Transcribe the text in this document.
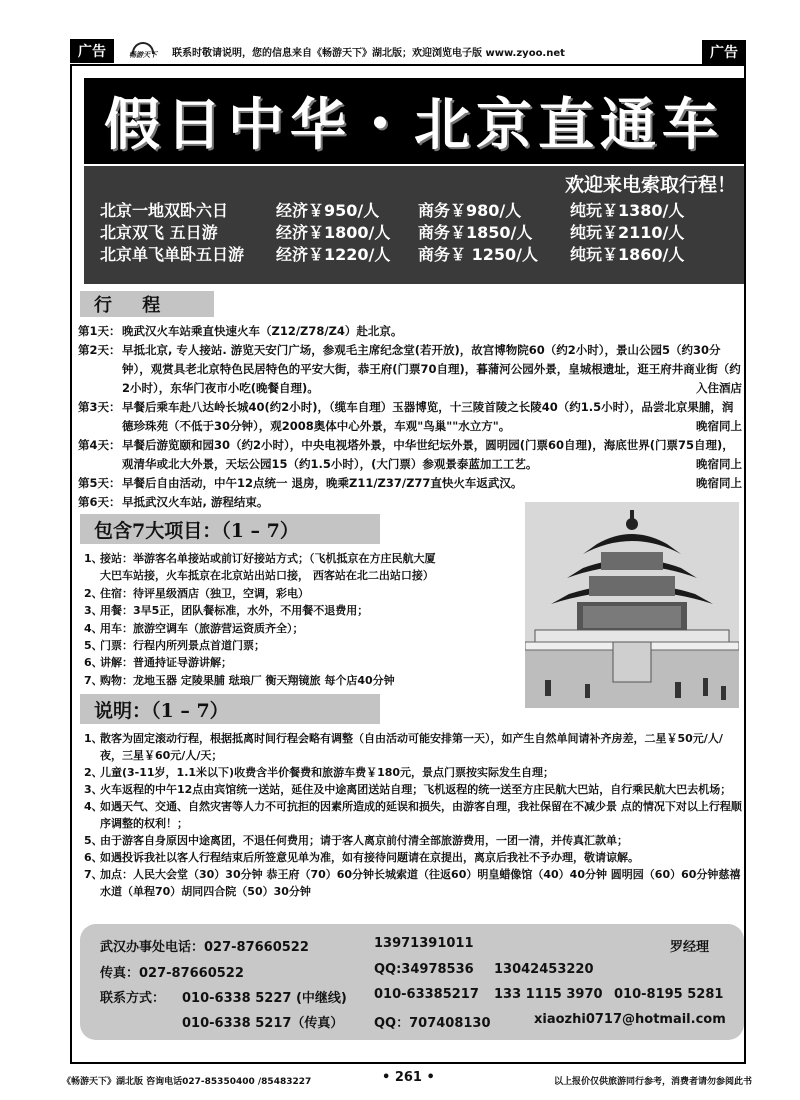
广告	畅游天下	联系时敬请说明，您的信息来自《畅游天下》湖北版；欢迎浏览电子版 www.zyoo.net	广告
假日中华・北京直通车
欢迎来电索取行程！
北京一地双卧六日	经济￥950/人 商务￥980/人	纯玩￥1380/人
北京双飞 五日游	经济￥1800/人 商务￥1850/人 纯玩￥2110/人
北京单飞单卧五日游 经济￥1220/人 商务￥ 1250/人 纯玩￥1860/人
行 程
第1天： 晚武汉火车站乘直快速火车（Z12/Z78/Z4）赴北京。
第2天： 早抵北京, 专人接站. 游览天安门广场，参观毛主席纪念堂(若开放)，故宫博物院60（约2小时），景山公园5（约30分钟），观赏具老北京特色民居特色的平安大街，恭王府(门票70自理)，暮蒲河公园外景，皇城根遗址，逛王府井商业街（约2小时），东华门夜市小吃(晚餐自理)。	入住酒店
第3天： 早餐后乘车赴八达岭长城40(约2小时)，（缆车自理）玉器博览，十三陵首陵之长陵40（约1.5小时），品尝北京果脯，润德珍珠苑（不低于30分钟），观2008奥体中心外景，车观"鸟巢""水立方"。	晚宿同上
第4天： 早餐后游览颐和园30（约2小时），中央电视塔外景，中华世纪坛外景，圆明园(门票60自理)，海底世界(门票75自理)，观清华或北大外景，天坛公园15（约1.5小时），(大门票）参观景泰蓝加工工艺。	晚宿同上
第5天： 早餐后自由活动，中午12点统一 退房，晚乘Z11/Z37/Z77直快火车返武汉。	晚宿同上
第6天： 早抵武汉火车站, 游程结束。
包含7大项目：（1 – 7）
1、
接站：举游客名单接站或前订好接站方式；（飞机抵京在方庄民航大厦
大巴车站接，火车抵京在北京站出站口接， 西客站在北二出站口接）
2、
住宿：待评星级酒店（独卫，空调，彩电）
3、
用餐：3早5正，团队餐标准，水外，不用餐不退费用；
4、
用车：旅游空调车（旅游营运资质齐全）；
5、
门票：行程内所列景点首道门票；
6、
讲解：普通持证导游讲解；
7、
购物：龙地玉器 定陵果脯 琺琅厂 衡天翔镜旅 每个店40分钟
说明：（1 – 7）
1、
散客为固定滚动行程，根据抵离时间行程会略有调整（自由活动可能安排第一天），如产生自然单间请补齐房差，二星￥50元/人/夜，三星￥60元/人/天；
2、
儿童(3-11岁，1.1米以下)收费含半价餐费和旅游车费￥180元，景点门票按实际发生自理；
3、
火车返程的中午12点由宾馆统一送站，延住及中途离团送站自理；飞机返程的统一送至方庄民航大巴站，自行乘民航大巴去机场；
4、
如遇天气、交通、自然灾害等人力不可抗拒的因素所造成的延误和损失，由游客自理，我社保留在不减少景 点的情况下对以上行程顺序调整的权利！；
5、
由于游客自身原因中途离团，不退任何费用；请于客人离京前付清全部旅游费用，一团一清，并传真汇款单；
6、
如遇投诉我社以客人行程结束后所签意见单为准，如有接待问题请在京提出，离京后我社不予办理，敬请谅解。
7、
加点：人民大会堂（30）30分钟 恭王府（70）60分钟长城索道（往返60）明皇蜡像馆（40）40分钟 圆明园（60）60分钟慈禧水道（单程70）胡同四合院（50）30分钟
武汉办事处电话：027-87660522	13971391011	罗经理
传真：027-87660522	QQ:34978536 13042453220
联系方式： 010-6338 5227 (中继线) 010-63385217 133 1115 3970 010-8195 5281
010-6338 5217（传真） QQ：707408130	xiaozhi0717@hotmail.com
《畅游天下》湖北版 咨询电话027-85350400 /85483227	• 261 •	以上报价仅供旅游同行参考，消费者请勿参阅此书
